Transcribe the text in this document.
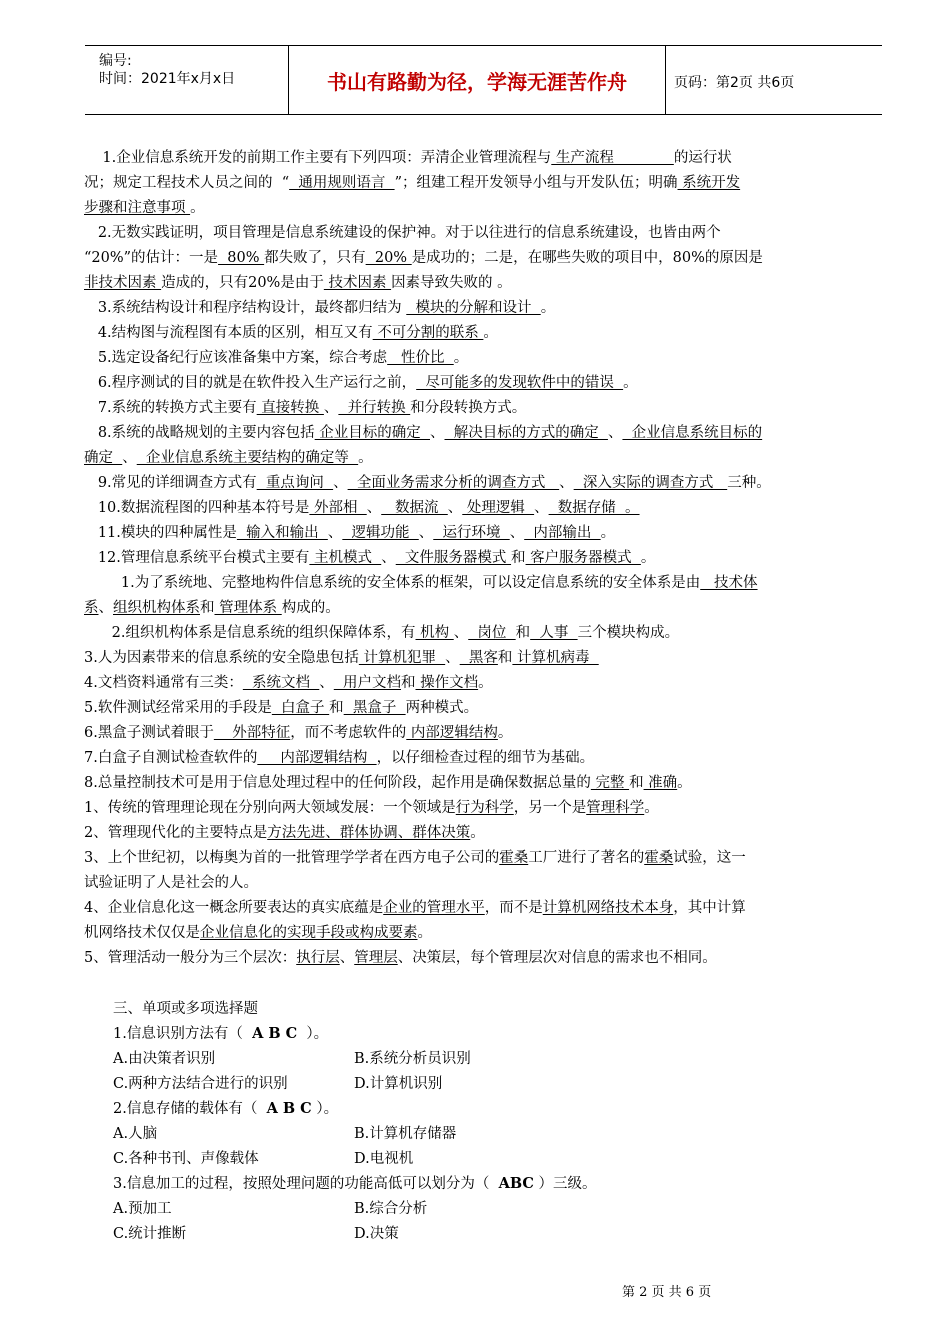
编号:
时间：2021年x月x日	书山有路勤为径，学海无涯苦作舟	页码：第2页 共6页
1.企业信息系统开发的前期工作主要有下列四项：弄清企业管理流程与 生产流程             的运行状
况；规定工程技术人员之间的  “  通用规则语言  ”；组建工程开发领导小组与开发队伍；明确 系统开发
步骤和注意事项 。
2.无数实践证明，项目管理是信息系统建设的保护神。对于以往进行的信息系统建设，也皆由两个
“20%”的估计：一是  80% 都失败了，只有  20% 是成功的；二是，在哪些失败的项目中，80%的原因是
非技术因素 造成的，只有20%是由于 技术因素 因素导致失败的 。
3.系统结构设计和程序结构设计，最终都归结为   模块的分解和设计  。
4.结构图与流程图有本质的区别，相互又有 不可分割的联系 。
5.选定设备纪行应该准备集中方案，综合考虑   性价比  。
6.程序测试的目的就是在软件投入生产运行之前，  尽可能多的发现软件中的错误  。
7.系统的转换方式主要有 直接转换 、  并行转换 和分段转换方式。
8.系统的战略规划的主要内容包括 企业目标的确定  、  解决目标的方式的确定  、  企业信息系统目标的
确定  、  企业信息系统主要结构的确定等  。
9.常见的详细调查方式有  重点询问  、  全面业务需求分析的调查方式   、  深入实际的调查方式   三种。
10.数据流程图的四种基本符号是 外部相  、   数据流  、 处理逻辑  、  数据存储  。
11.模块的四种属性是  输入和输出  、  逻辑功能  、  运行环境  、  内部输出  。
12.管理信息系统平台模式主要有 主机模式  、  文件服务器模式 和 客户服务器模式  。
1.为了系统地、完整地构件信息系统的安全体系的框架，可以设定信息系统的安全体系是由   技术体
系、组织机构体系和 管理体系 构成的。
2.组织机构体系是信息系统的组织保障体系，有 机构 、  岗位  和  人事  三个模块构成。
3.人为因素带来的信息系统的安全隐患包括 计算机犯罪  、  黑客和 计算机病毒
4.文档资料通常有三类：  系统文档  、  用户文档和 操作文档。
5.软件测试经常采用的手段是  白盒子 和  黑盒子  两种模式。
6.黑盒子测试着眼于    外部特征，而不考虑软件的 内部逻辑结构。
7.白盒子自测试检查软件的     内部逻辑结构  ，以仔细检查过程的细节为基础。
8.总量控制技术可是用于信息处理过程中的任何阶段，起作用是确保数据总量的 完整 和 准确。
1、传统的管理理论现在分别向两大领域发展：一个领域是行为科学，另一个是管理科学。
2、管理现代化的主要特点是方法先进、群体协调、群体决策。
3、上个世纪初，以梅奥为首的一批管理学学者在西方电子公司的霍桑工厂进行了著名的霍桑试验，这一
试验证明了人是社会的人。
4、企业信息化这一概念所要表达的真实底蕴是企业的管理水平，而不是计算机网络技术本身，其中计算
机网络技术仅仅是企业信息化的实现手段或构成要素。
5、管理活动一般分为三个层次：执行层、管理层、决策层，每个管理层次对信息的需求也不相同。
三、单项或多项选择题
1.信息识别方法有（  A B C  ）。
A.由决策者识别	B.系统分析员识别
C.两种方法结合进行的识别	D.计算机识别
2.信息存储的载体有（  A B C ）。
A.人脑	B.计算机存储器
C.各种书刊、声像载体	D.电视机
3.信息加工的过程，按照处理问题的功能高低可以划分为（  ABC ）三级。
A.预加工	B.综合分析
C.统计推断	D.决策
第 2 页 共 6 页
